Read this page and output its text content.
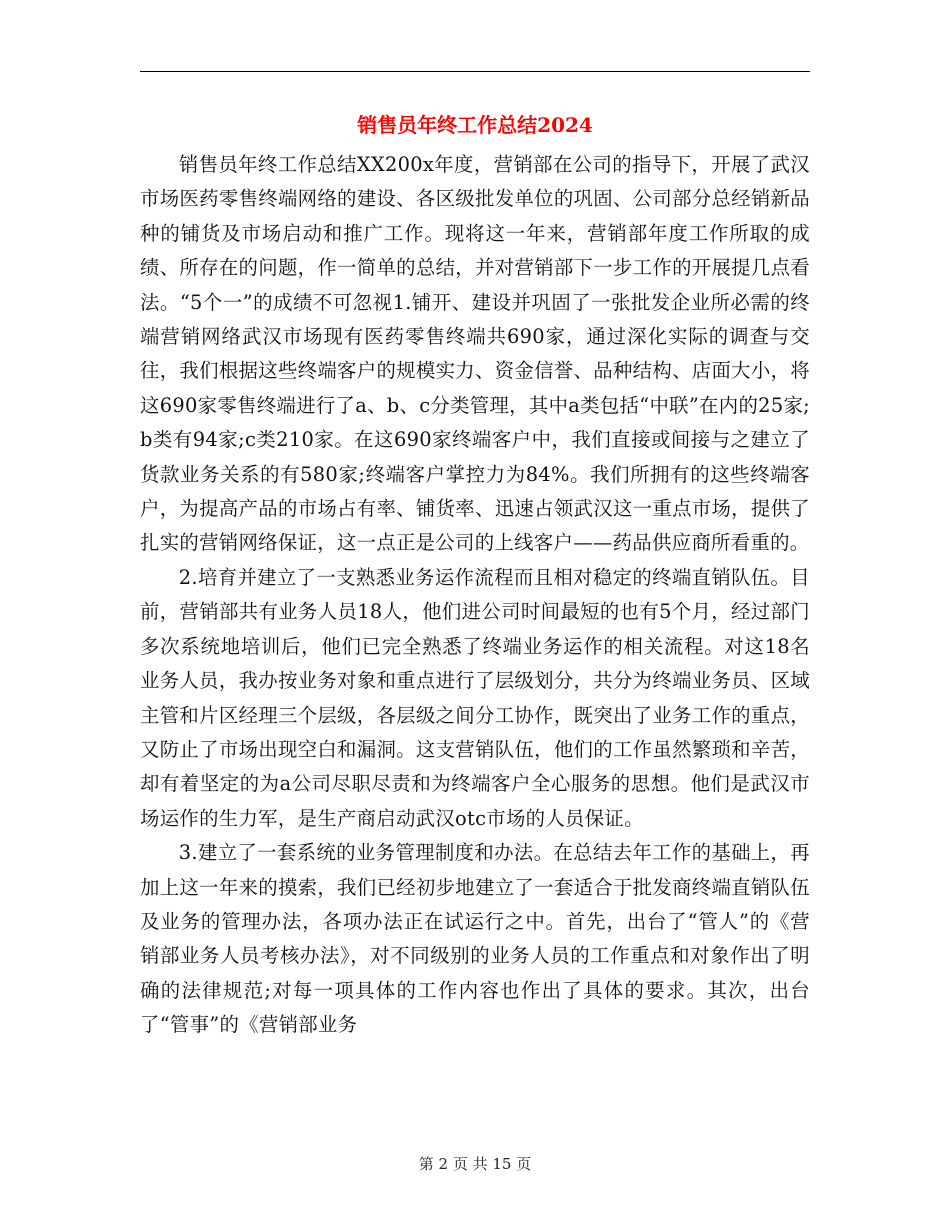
销售员年终工作总结2024

销售员年终工作总结XX200x年度，营销部在公司的指导下，开展了武汉市场医药零售终端网络的建设、各区级批发单位的巩固、公司部分总经销新品种的铺货及市场启动和推广工作。现将这一年来，营销部年度工作所取的成绩、所存在的问题，作一简单的总结，并对营销部下一步工作的开展提几点看法。“5个一”的成绩不可忽视1.铺开、建设并巩固了一张批发企业所必需的终端营销网络武汉市场现有医药零售终端共690家，通过深化实际的调查与交往，我们根据这些终端客户的规模实力、资金信誉、品种结构、店面大小，将这690家零售终端进行了a、b、c分类管理，其中a类包括“中联”在内的25家;b类有94家;c类210家。在这690家终端客户中，我们直接或间接与之建立了货款业务关系的有580家;终端客户掌控力为84%。我们所拥有的这些终端客户，为提高产品的市场占有率、铺货率、迅速占领武汉这一重点市场，提供了扎实的营销网络保证，这一点正是公司的上线客户——药品供应商所看重的。

2.培育并建立了一支熟悉业务运作流程而且相对稳定的终端直销队伍。目前，营销部共有业务人员18人，他们进公司时间最短的也有5个月，经过部门多次系统地培训后，他们已完全熟悉了终端业务运作的相关流程。对这18名业务人员，我办按业务对象和重点进行了层级划分，共分为终端业务员、区域主管和片区经理三个层级，各层级之间分工协作，既突出了业务工作的重点，又防止了市场出现空白和漏洞。这支营销队伍，他们的工作虽然繁琐和辛苦，却有着坚定的为a公司尽职尽责和为终端客户全心服务的思想。他们是武汉市场运作的生力军，是生产商启动武汉otc市场的人员保证。

3.建立了一套系统的业务管理制度和办法。在总结去年工作的基础上，再加上这一年来的摸索，我们已经初步地建立了一套适合于批发商终端直销队伍及业务的管理办法，各项办法正在试运行之中。首先，出台了“管人”的《营销部业务人员考核办法》，对不同级别的业务人员的工作重点和对象作出了明确的法律规范;对每一项具体的工作内容也作出了具体的要求。其次，出台了“管事”的《营销部业务

第 2 页 共 15 页
